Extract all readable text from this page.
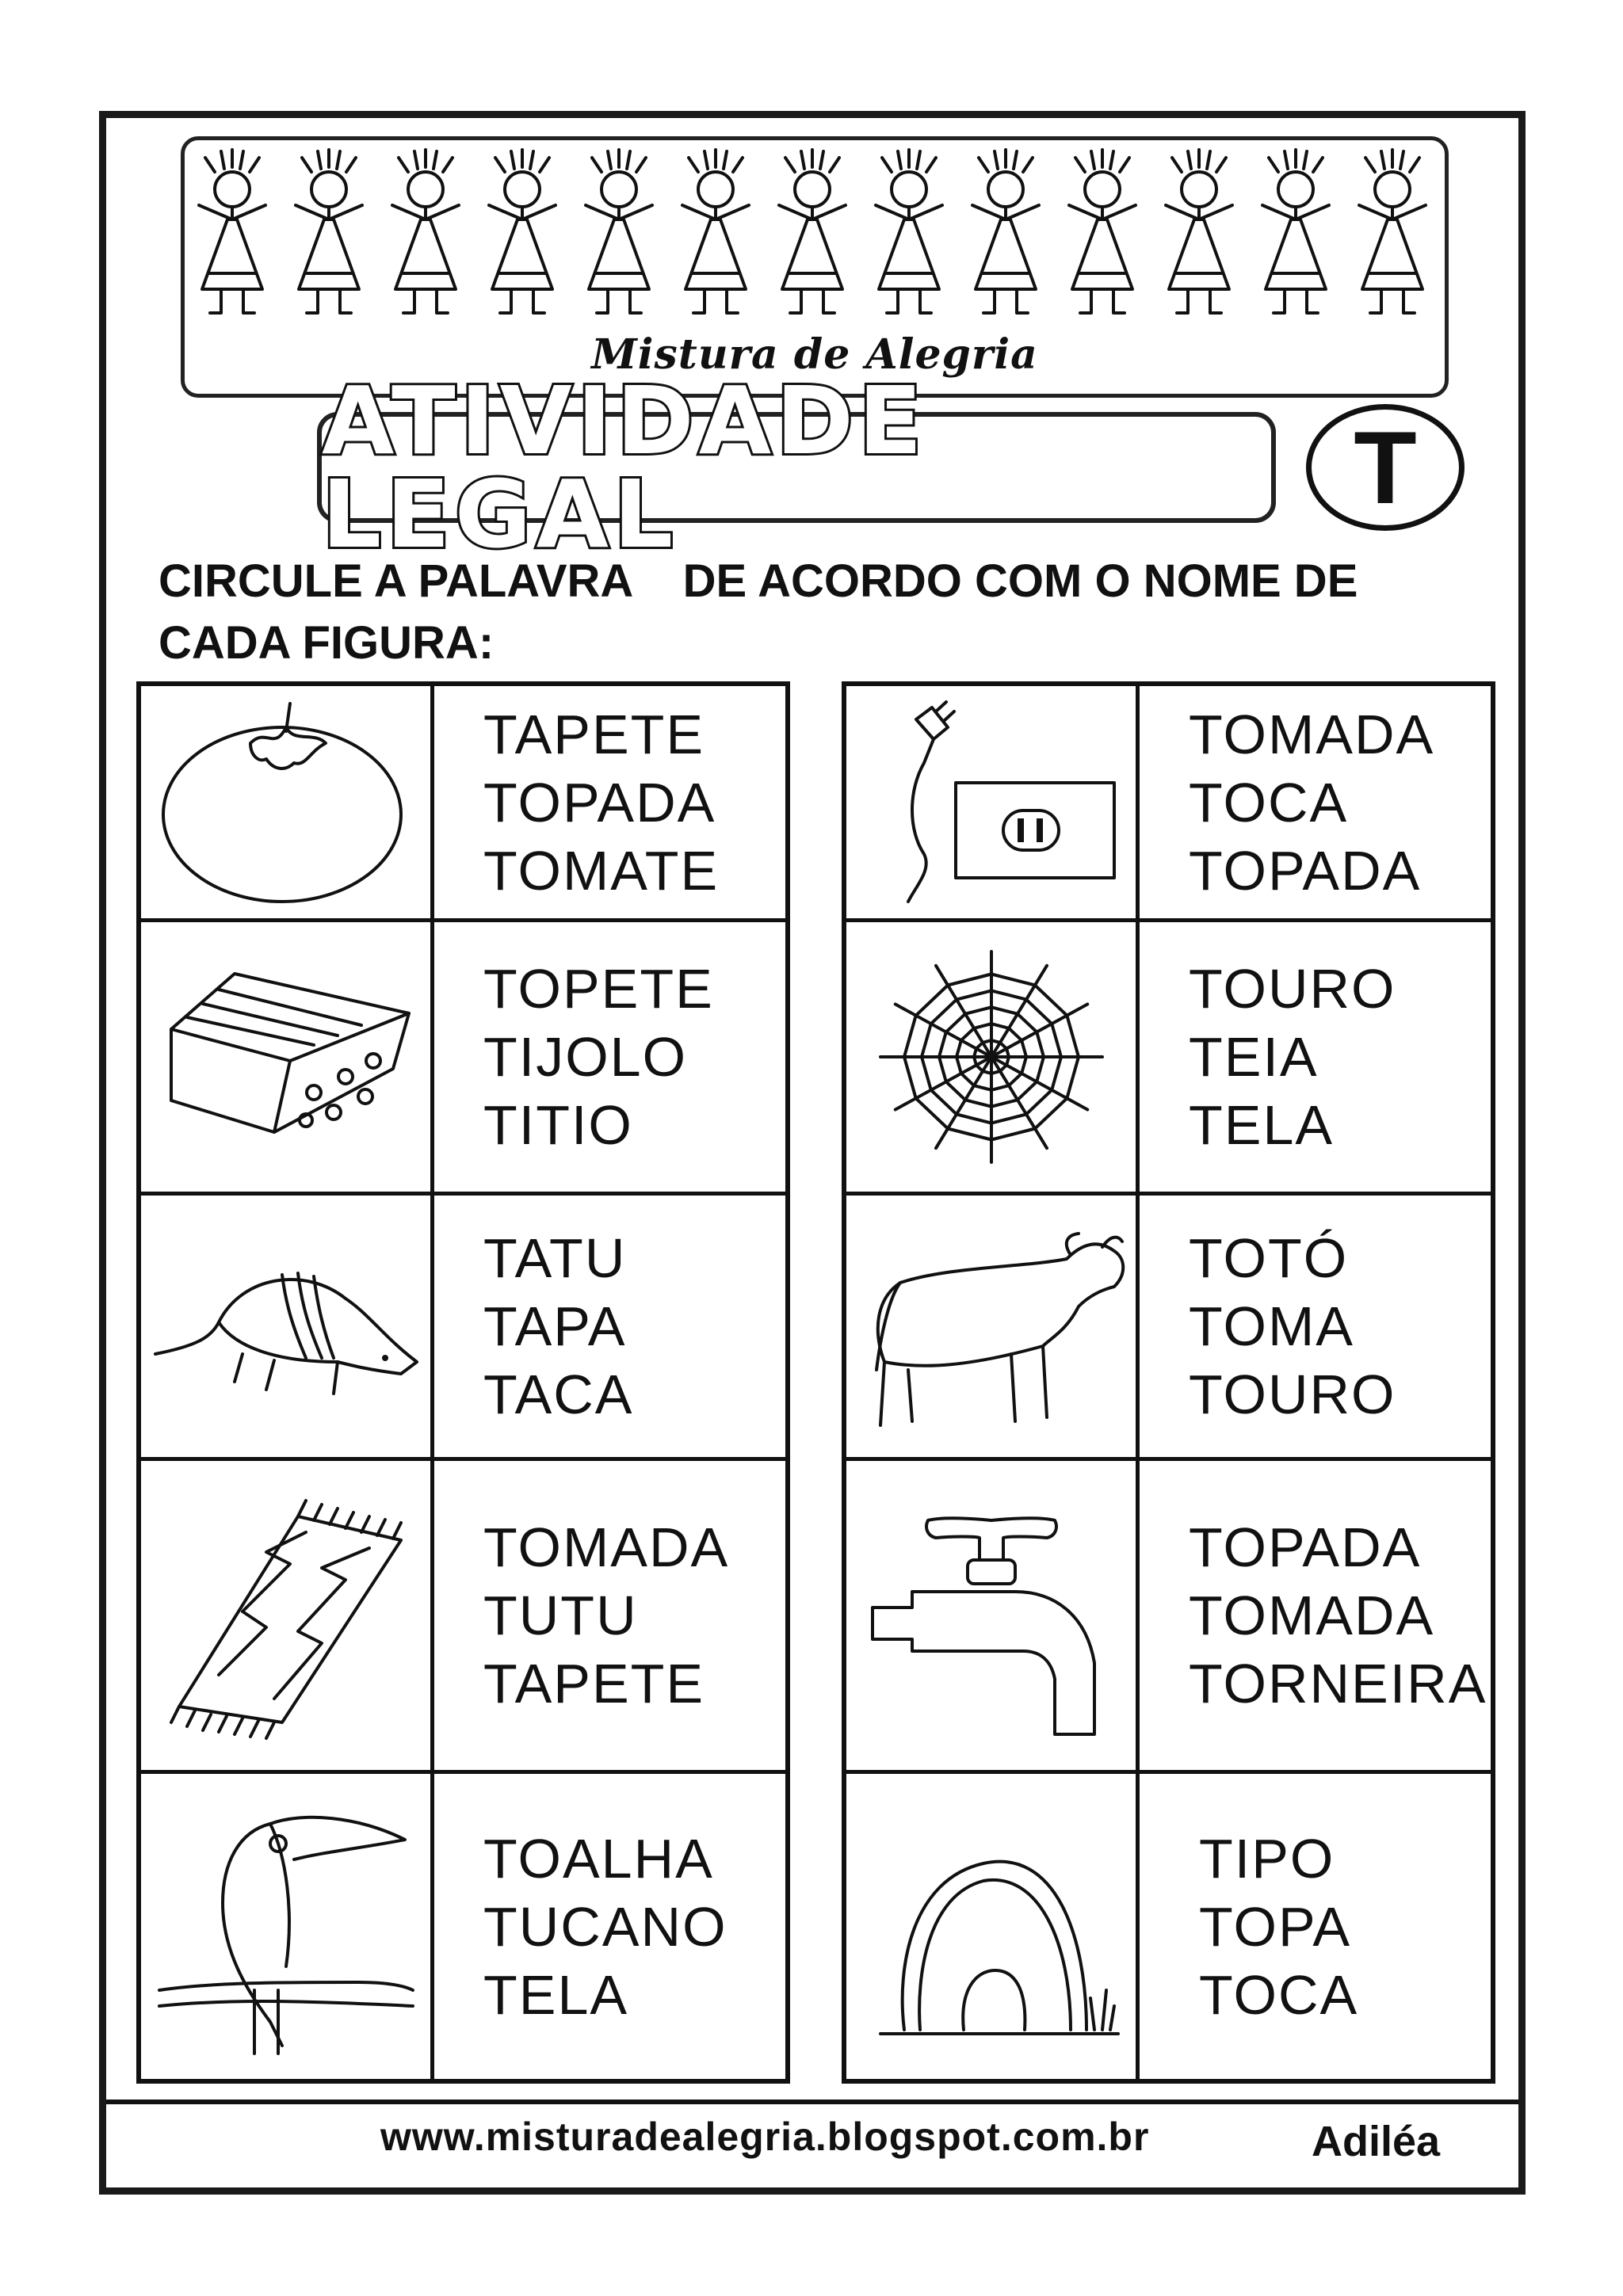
Mistura de Alegria
ATIVIDADE LEGAL	T
CIRCULE A PALAVRA    DE ACORDO COM O NOME DE
CADA FIGURA:
TAPETE
TOPADA
TOMATE
TOPETE
TIJOLO
TITIO
TATU
TAPA
TACA
TOMADA
TUTU
TAPETE
TOALHA
TUCANO
TELA
TOMADA
TOCA
TOPADA
TOURO
TEIA
TELA
TOTÓ
TOMA
TOURO
TOPADA
TOMADA
TORNEIRA
TIPO
TOPA
TOCA
www.misturadealegria.blogspot.com.br	Adiléa
